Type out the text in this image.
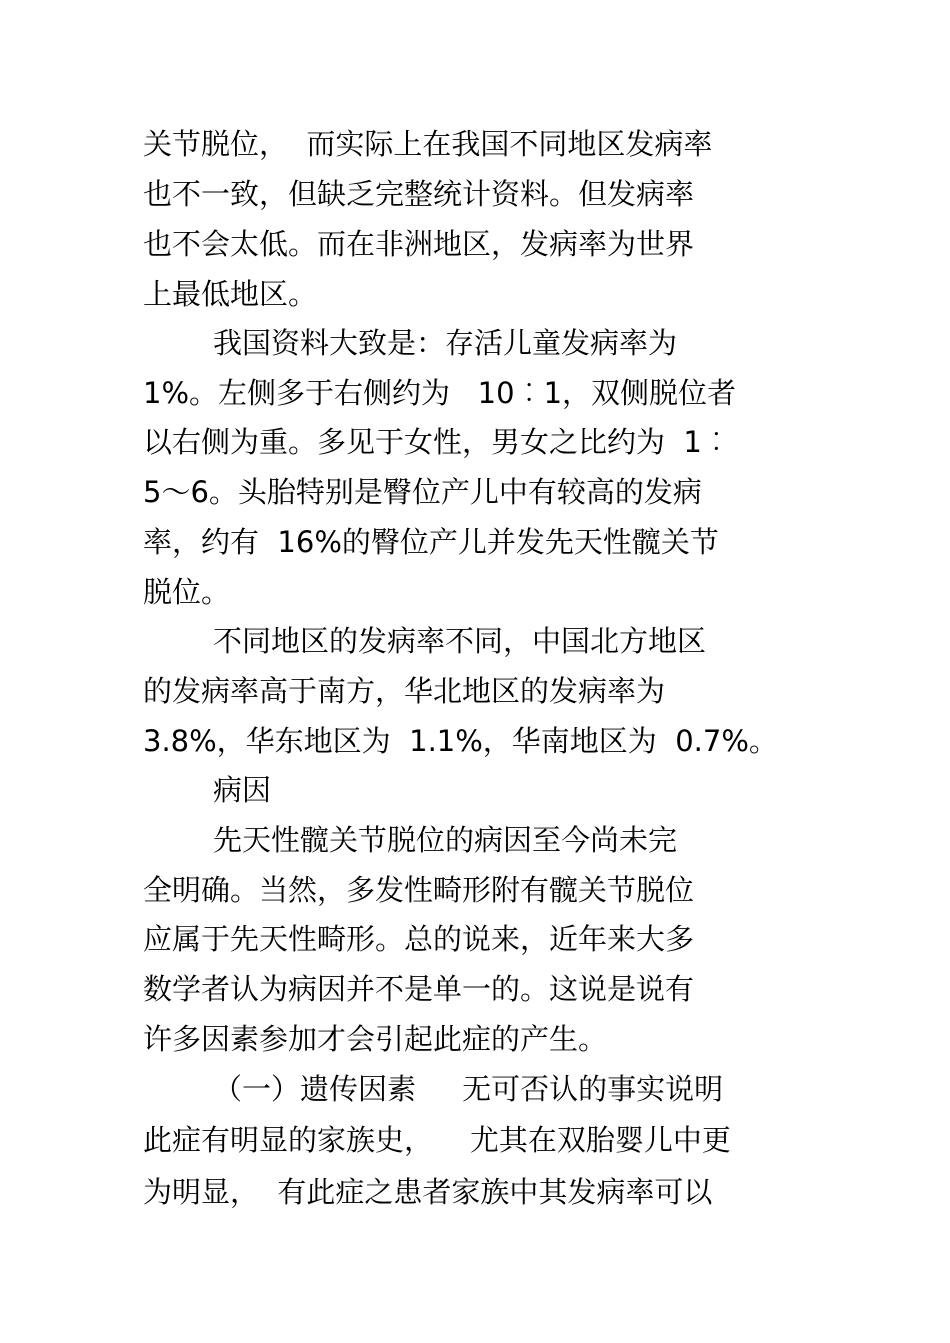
关节脱位，  而实际上在我国不同地区发病率
也不一致，但缺乏完整统计资料。但发病率
也不会太低。而在非洲地区，发病率为世界
上最低地区。
我国资料大致是：存活儿童发病率为
1%。左侧多于右侧约为   10︰1，双侧脱位者
以右侧为重。多见于女性，男女之比约为  1︰
5～6。头胎特别是臀位产儿中有较高的发病
率，约有  16%的臀位产儿并发先天性髋关节
脱位。
不同地区的发病率不同，中国北方地区
的发病率高于南方，华北地区的发病率为
3.8%，华东地区为  1.1%，华南地区为  0.7%。
病因
先天性髋关节脱位的病因至今尚未完
全明确。当然，多发性畸形附有髋关节脱位
应属于先天性畸形。总的说来，近年来大多
数学者认为病因并不是单一的。这说是说有
许多因素参加才会引起此症的产生。
（一）遗传因素     无可否认的事实说明
此症有明显的家族史，    尤其在双胎婴儿中更
为明显，  有此症之患者家族中其发病率可以
